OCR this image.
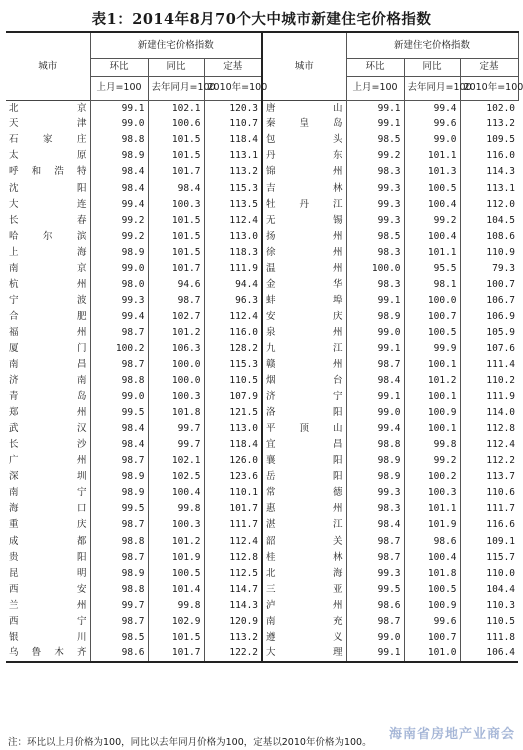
表1：2014年8月70个大中城市新建住宅价格指数
城市	新建住宅价格指数			城市	新建住宅价格指数		
	环比	同比	定基		环比	同比	定基
	上月=100	去年同月=100	2010年=100		上月=100	去年同月=100	2010年=100
北 京	99.1	102.1	120.3	唐 山	99.1	99.4	102.0
天 津	99.0	100.6	110.7	秦皇岛	99.1	99.6	113.2
石家庄	98.8	101.5	118.4	包 头	98.5	99.0	109.5
太 原	98.9	101.5	113.1	丹 东	99.2	101.1	116.0
呼和浩特	98.4	101.7	113.2	锦 州	98.3	101.3	114.3
沈 阳	98.4	98.4	115.3	吉 林	99.3	100.5	113.1
大 连	99.4	100.3	113.5	牡丹江	99.3	100.4	112.0
长 春	99.2	101.5	112.4	无 锡	99.3	99.2	104.5
哈尔滨	99.2	101.5	113.0	扬 州	98.5	100.4	108.6
上 海	98.9	101.5	118.3	徐 州	98.3	101.1	110.9
南 京	99.0	101.7	111.9	温 州	100.0	95.5	79.3
杭 州	98.0	94.6	94.4	金 华	98.3	98.1	100.7
宁 波	99.3	98.7	96.3	蚌 埠	99.1	100.0	106.7
合 肥	99.4	102.7	112.4	安 庆	98.9	100.7	106.9
福 州	98.7	101.2	116.0	泉 州	99.0	100.5	105.9
厦 门	100.2	106.3	128.2	九 江	99.1	99.9	107.6
南 昌	98.7	100.0	115.3	赣 州	98.7	100.1	111.4
济 南	98.8	100.0	110.5	烟 台	98.4	101.2	110.2
青 岛	99.0	100.3	107.9	济 宁	99.1	100.1	111.9
郑 州	99.5	101.8	121.5	洛 阳	99.0	100.9	114.0
武 汉	98.4	99.7	113.0	平顶山	99.4	100.1	112.8
长 沙	98.4	99.7	118.4	宜 昌	98.8	99.8	112.4
广 州	98.7	102.1	126.0	襄 阳	98.9	99.2	112.2
深 圳	98.9	102.5	123.6	岳 阳	98.9	100.2	113.7
南 宁	98.9	100.4	110.1	常 德	99.3	100.3	110.6
海 口	99.5	99.8	101.7	惠 州	98.3	101.1	111.7
重 庆	98.7	100.3	111.7	湛 江	98.4	101.9	116.6
成 都	98.8	101.2	112.4	韶 关	98.7	98.6	109.1
贵 阳	98.7	101.9	112.8	桂 林	98.7	100.4	115.7
昆 明	98.9	100.5	112.5	北 海	99.3	101.8	110.0
西 安	98.8	101.4	114.7	三 亚	99.5	100.5	104.4
兰 州	99.7	99.8	114.3	泸 州	98.6	100.9	110.3
西 宁	98.7	102.9	120.9	南 充	98.7	99.6	110.5
银 川	98.5	101.5	113.2	遵 义	99.0	100.7	111.8
乌鲁木齐	98.6	101.7	122.2	大 理	99.1	101.0	106.4
注：环比以上月价格为100，同比以去年同月价格为100，定基以2010年价格为100。
海南省房地产业商会
